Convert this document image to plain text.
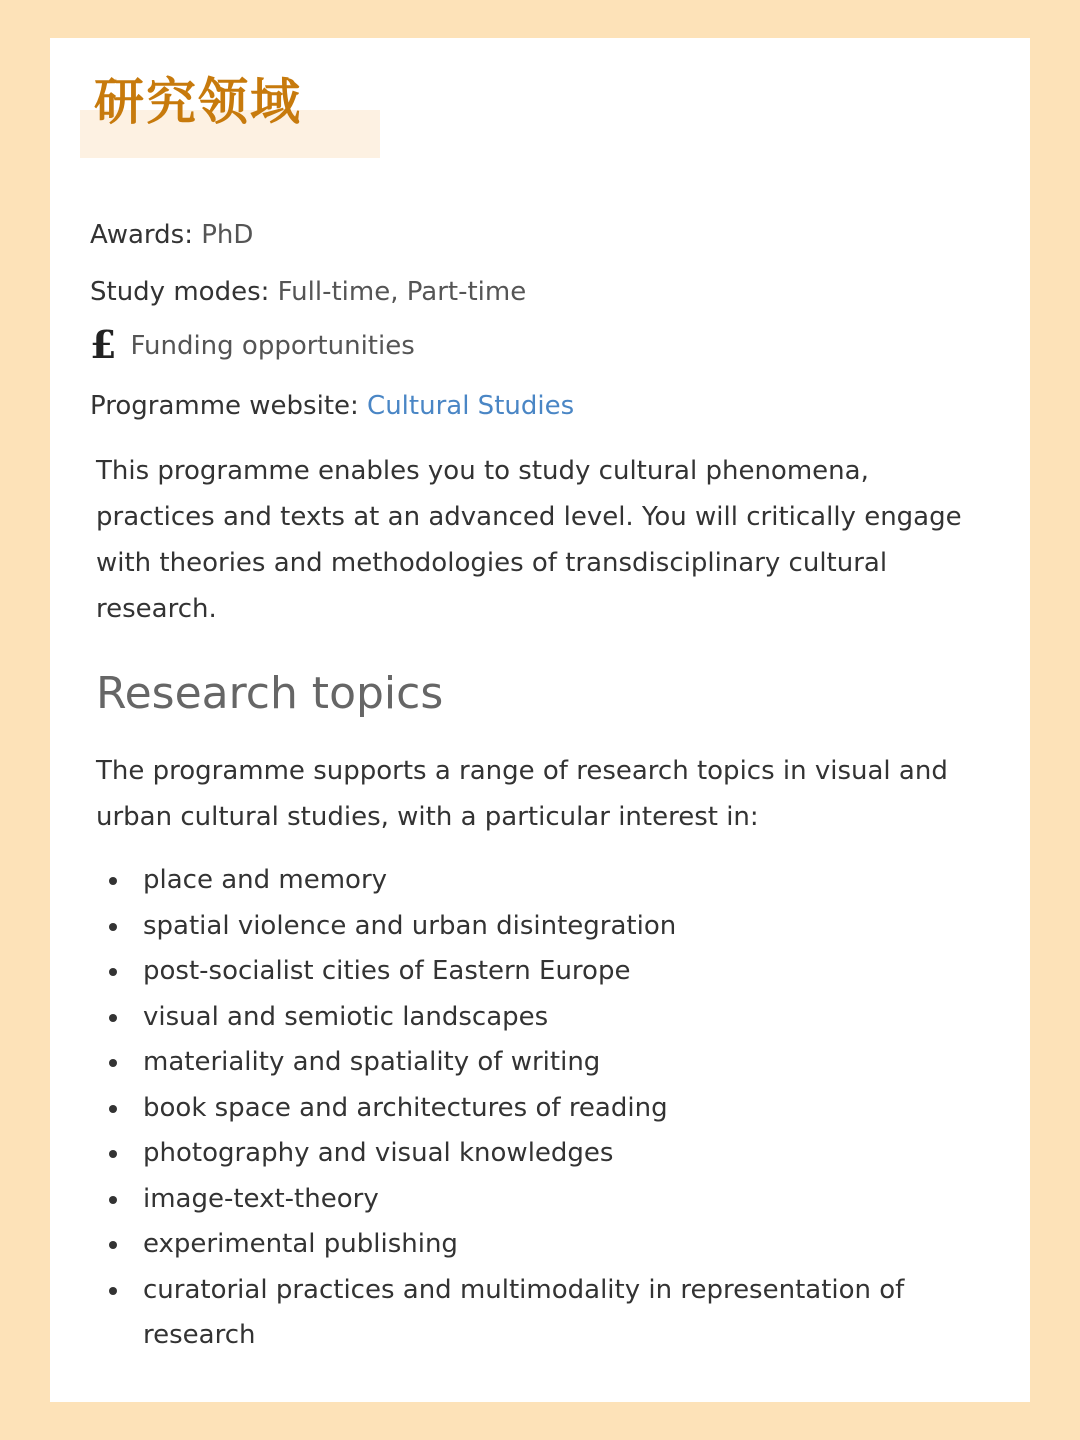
研究领域
Awards: PhD
Study modes: Full-time, Part-time
£ Funding opportunities
Programme website: Cultural Studies

This programme enables you to study cultural phenomena, practices and texts at an advanced level. You will critically engage with theories and methodologies of transdisciplinary cultural research.

Research topics

The programme supports a range of research topics in visual and urban cultural studies, with a particular interest in:

place and memory
spatial violence and urban disintegration
post-socialist cities of Eastern Europe
visual and semiotic landscapes
materiality and spatiality of writing
book space and architectures of reading
photography and visual knowledges
image-text-theory
experimental publishing
curatorial practices and multimodality in representation of research
